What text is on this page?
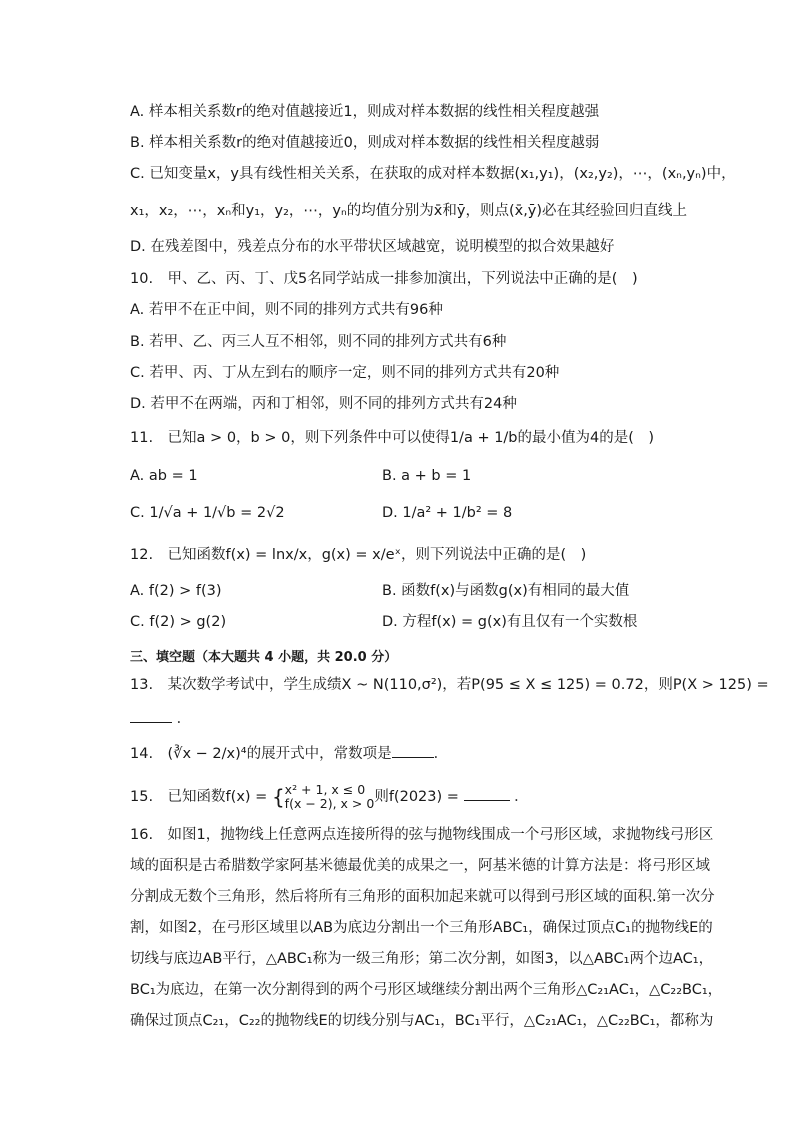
A. 样本相关系数r的绝对值越接近1，则成对样本数据的线性相关程度越强
B. 样本相关系数r的绝对值越接近0，则成对样本数据的线性相关程度越弱
C. 已知变量x，y具有线性相关关系，在获取的成对样本数据(x₁,y₁)，(x₂,y₂)，⋯，(xₙ,yₙ)中，
x₁，x₂，⋯，xₙ和y₁，y₂，⋯，yₙ的均值分别为x̄和ȳ，则点(x̄,ȳ)必在其经验回归直线上
D. 在残差图中，残差点分布的水平带状区域越宽，说明模型的拟合效果越好
10.　甲、乙、丙、丁、戊5名同学站成一排参加演出，下列说法中正确的是(　)
A. 若甲不在正中间，则不同的排列方式共有96种
B. 若甲、乙、丙三人互不相邻，则不同的排列方式共有6种
C. 若甲、丙、丁从左到右的顺序一定，则不同的排列方式共有20种
D. 若甲不在两端，丙和丁相邻，则不同的排列方式共有24种
11.　已知a > 0，b > 0，则下列条件中可以使得1/a + 1/b的最小值为4的是(　)
A. ab = 1	B. a + b = 1
C. 1/√a + 1/√b = 2√2	D. 1/a² + 1/b² = 8
12.　已知函数f(x) = lnx/x，g(x) = x/eˣ，则下列说法中正确的是(　)
A. f(2) > f(3)	B. 函数f(x)与函数g(x)有相同的最大值
C. f(2) > g(2)	D. 方程f(x) = g(x)有且仅有一个实数根
三、填空题（本大题共 4 小题，共 20.0 分）
13.　某次数学考试中，学生成绩X ~ N(110,σ²)，若P(95 ≤ X ≤ 125) = 0.72，则P(X > 125) =
．
14.　(∛x − 2/x)⁴的展开式中，常数项是	．
15.　已知函数f(x) = { x² + 1, x ≤ 0
f(x − 2), x > 0 则f(2023) =	．
16.　如图1，抛物线上任意两点连接所得的弦与抛物线围成一个弓形区域，求抛物线弓形区
域的面积是古希腊数学家阿基米德最优美的成果之一，阿基米德的计算方法是：将弓形区域
分割成无数个三角形，然后将所有三角形的面积加起来就可以得到弓形区域的面积.第一次分
割，如图2，在弓形区域里以AB为底边分割出一个三角形ABC₁，确保过顶点C₁的抛物线E的
切线与底边AB平行，△ABC₁称为一级三角形；第二次分割，如图3，以△ABC₁两个边AC₁，
BC₁为底边，在第一次分割得到的两个弓形区域继续分割出两个三角形△C₂₁AC₁，△C₂₂BC₁，
确保过顶点C₂₁，C₂₂的抛物线E的切线分别与AC₁，BC₁平行，△C₂₁AC₁，△C₂₂BC₁，都称为
